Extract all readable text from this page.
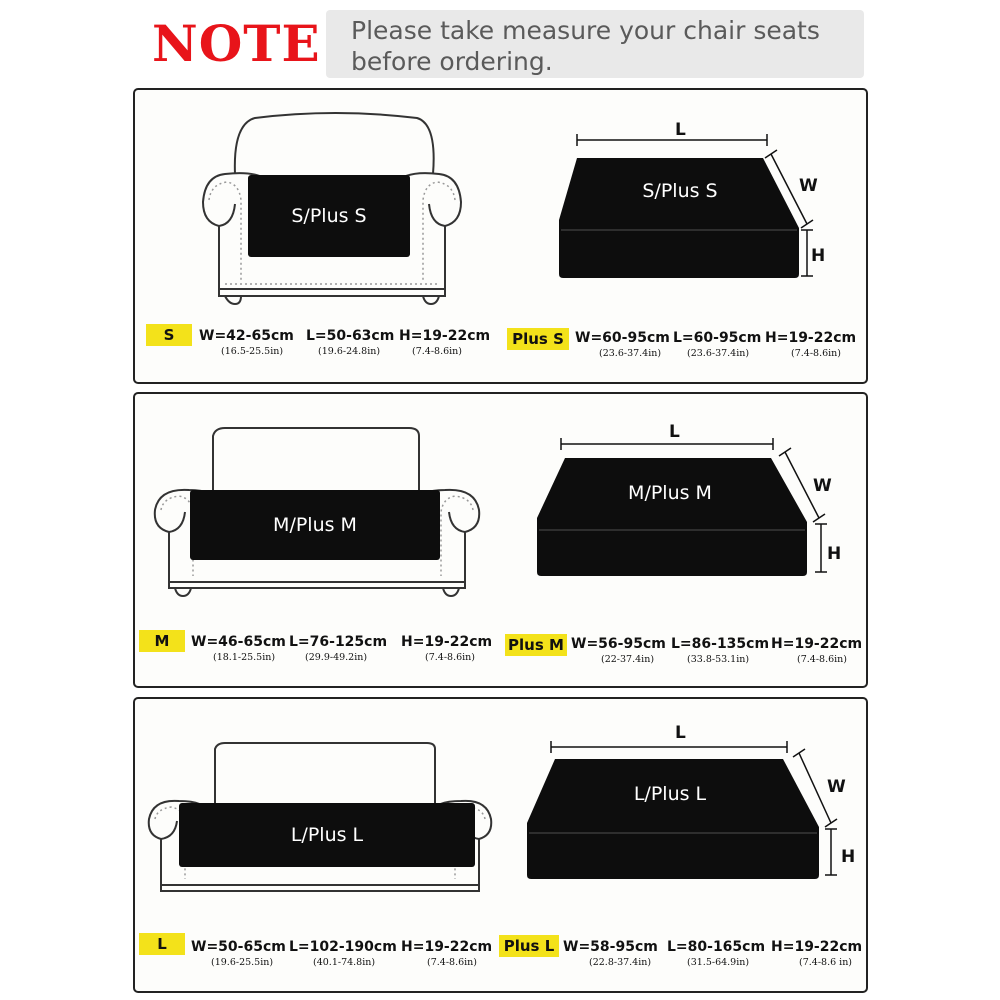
NOTE Please take measure your chair seats
before ordering.
S/Plus S
S/Plus S
L
W
H
S	W=42-65cm
(16.5-25.5in)
L=50-63cm
(19.6-24.8in)
H=19-22cm
(7.4-8.6in)
Plus S W=60-95cm
(23.6-37.4in)
L=60-95cm
(23.6-37.4in)
H=19-22cm
(7.4-8.6in)
M/Plus M
M/Plus M
L
W
H
M	W=46-65cm
(18.1-25.5in)
L=76-125cm
(29.9-49.2in)
H=19-22cm
(7.4-8.6in)
Plus M W=56-95cm
(22-37.4in)
L=86-135cm
(33.8-53.1in)
H=19-22cm
(7.4-8.6in)
L/Plus L
L/Plus L
L
W
H
L	W=50-65cm
(19.6-25.5in)
L=102-190cm
(40.1-74.8in)
H=19-22cm
(7.4-8.6in)
Plus L W=58-95cm
(22.8-37.4in)
L=80-165cm
(31.5-64.9in)
H=19-22cm
(7.4-8.6 in)
